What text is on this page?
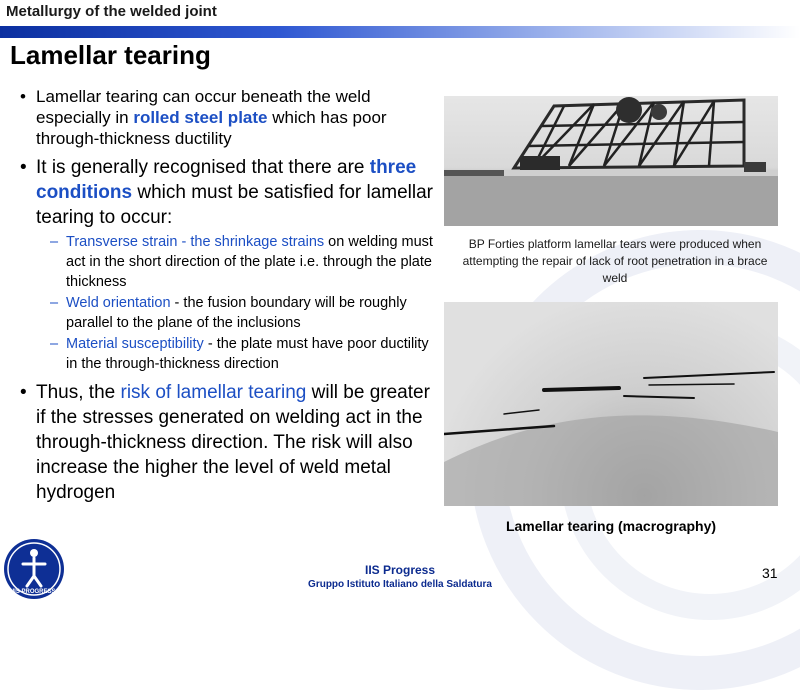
Metallurgy of the welded joint
Lamellar tearing
• Lamellar tearing can occur beneath the weld especially in rolled steel plate which has poor through-thickness ductility
• It is generally recognised that there are three conditions which must be satisfied for lamellar tearing to occur:
– Transverse strain - the shrinkage strains on welding must act in the short direction of the plate i.e. through the plate thickness
– Weld orientation - the fusion boundary will be roughly parallel to the plane of the inclusions
– Material susceptibility - the plate must have poor ductility in the through-thickness direction
• Thus, the risk of lamellar tearing will be greater if the stresses generated on welding act in the through-thickness direction. The risk will also increase the higher the level of weld metal hydrogen
BP Forties platform lamellar tears were produced when attempting the repair of lack of root penetration in a brace weld
Lamellar tearing (macrography)
IIS PROGRESS
IIS Progress
Gruppo Istituto Italiano della Saldatura
31
